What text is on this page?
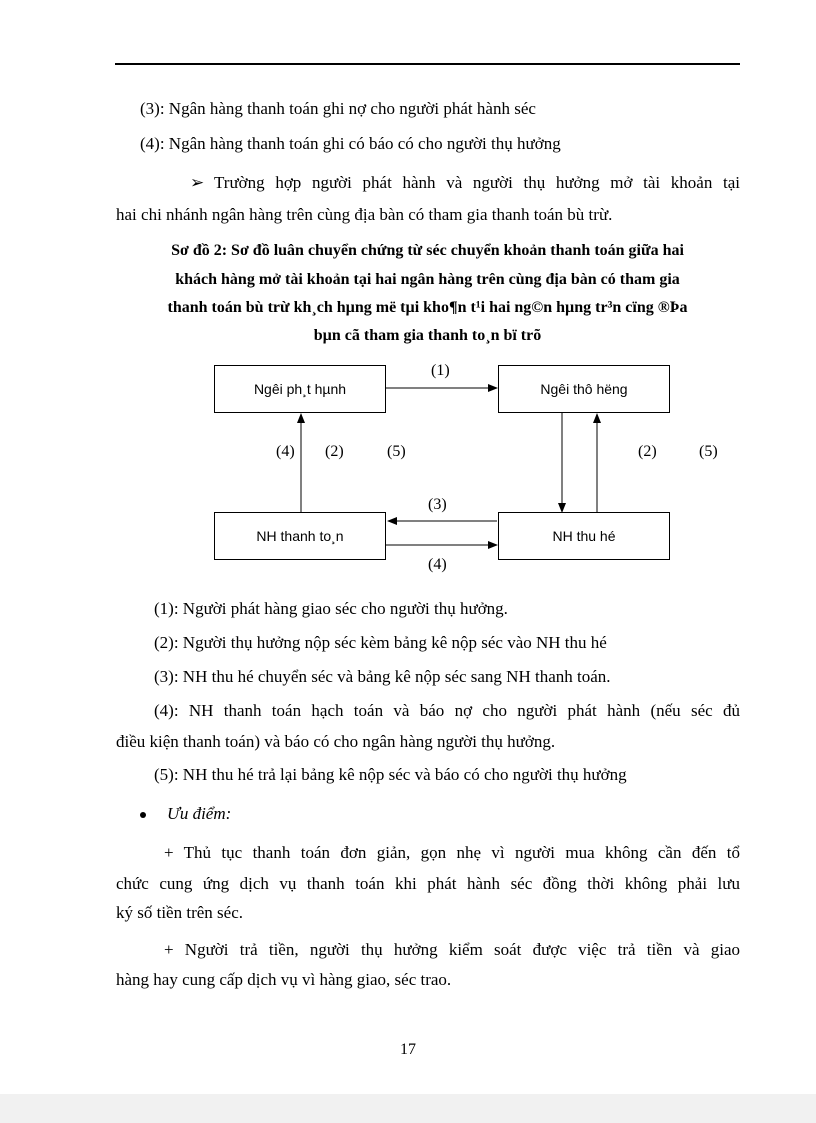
(3): Ngân hàng thanh toán ghi nợ cho người phát hành séc
(4): Ngân hàng thanh toán ghi có báo có cho người thụ hưởng
➢ Trường hợp người phát hành và người thụ hưởng mở tài khoản tại
hai chi nhánh ngân hàng trên cùng địa bàn có tham gia thanh toán bù trừ.
Sơ đồ 2: Sơ đồ luân chuyển chứng từ séc chuyển khoản thanh toán giữa hai
khách hàng mở tài khoản tại hai ngân hàng trên cùng địa bàn có tham gia
thanh toán bù trừ kh¸ch hµng më tµi kho¶n t¹i hai ng©n hµng tr³n cïng ®Þa
bµn cã tham gia thanh to¸n bï trõ
Ngêi ph¸t hµnh	Ngêi thô hëng
NH thanh to¸n	NH thu hé
(1)
(3)
(4)
(4) (2)	(5)	(2)	(5)
(1): Người phát hàng giao séc cho người thụ hưởng.
(2): Người thụ hưởng nộp séc kèm bảng kê nộp séc vào NH thu hé
(3): NH thu hé chuyển séc và bảng kê nộp séc sang NH thanh toán.
(4): NH thanh toán hạch toán và báo nợ cho người phát hành (nếu séc đủ
điều kiện thanh toán) và báo có cho ngân hàng người thụ hưởng.
(5): NH thu hé trả lại bảng kê nộp séc và báo có cho người thụ hưởng
Ưu điểm:
+ Thủ tục thanh toán đơn giản, gọn nhẹ vì người mua không cần đến tổ
chức cung ứng dịch vụ thanh toán khi phát hành séc đồng thời không phải lưu
ký số tiền trên séc.
+ Người trả tiền, người thụ hưởng kiểm soát được việc trả tiền và giao
hàng hay cung cấp dịch vụ vì hàng giao, séc trao.
17
